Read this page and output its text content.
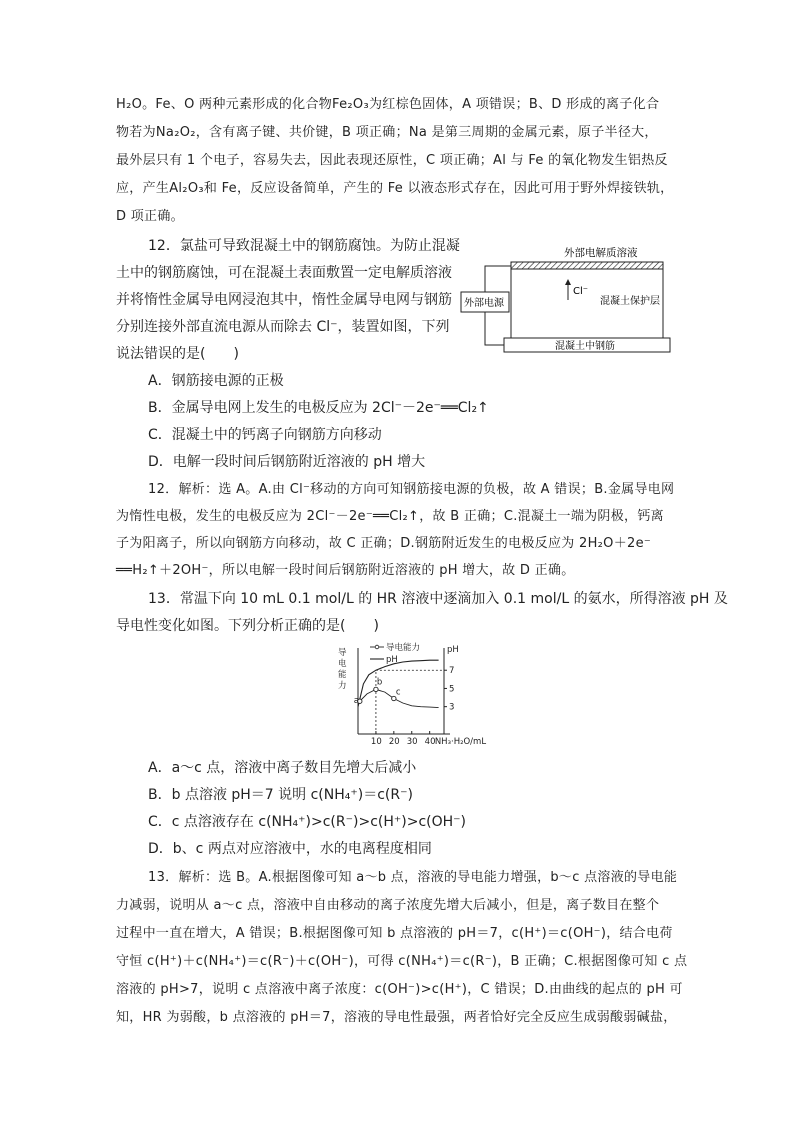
H₂O。Fe、O 两种元素形成的化合物Fe₂O₃为红棕色固体，A 项错误；B、D 形成的离子化合
物若为Na₂O₂，含有离子键、共价键，B 项正确；Na 是第三周期的金属元素，原子半径大，
最外层只有 1 个电子，容易失去，因此表现还原性，C 项正确；Al 与 Fe 的氧化物发生铝热反
应，产生Al₂O₃和 Fe，反应设备简单，产生的 Fe 以液态形式存在，因此可用于野外焊接铁轨，
D 项正确。
12．氯盐可导致混凝土中的钢筋腐蚀。为防止混凝
土中的钢筋腐蚀，可在混凝土表面敷置一定电解质溶液
并将惰性金属导电网浸泡其中，惰性金属导电网与钢筋
分别连接外部直流电源从而除去 Cl⁻，装置如图，下列
说法错误的是(　　)
外部电解质溶液
外部电源
Cl⁻
混凝土保护层
混凝土中钢筋
A．钢筋接电源的正极
B．金属导电网上发生的电极反应为 2Cl⁻－2e⁻══Cl₂↑
C．混凝土中的钙离子向钢筋方向移动
D．电解一段时间后钢筋附近溶液的 pH 增大
12．解析：选 A。A.由 Cl⁻移动的方向可知钢筋接电源的负极，故 A 错误；B.金属导电网
为惰性电极，发生的电极反应为 2Cl⁻－2e⁻══Cl₂↑，故 B 正确；C.混凝土一端为阴极，钙离
子为阳离子，所以向钢筋方向移动，故 C 正确；D.钢筋附近发生的电极反应为 2H₂O＋2e⁻
══H₂↑＋2OH⁻，所以电解一段时间后钢筋附近溶液的 pH 增大，故 D 正确。
13．常温下向 10 mL 0.1 mol/L 的 HR 溶液中逐滴加入 0.1 mol/L 的氨水，所得溶液 pH 及
导电性变化如图。下列分析正确的是(　　)
导
电
能
力
pH
3
5
7
10 20 30 40 NH₃·H₂O/mL
a
b
c
导电能力
pH
A．a～c 点，溶液中离子数目先增大后减小
B．b 点溶液 pH＝7 说明 c(NH₄⁺)＝c(R⁻)
C．c 点溶液存在 c(NH₄⁺)>c(R⁻)>c(H⁺)>c(OH⁻)
D．b、c 两点对应溶液中，水的电离程度相同
13．解析：选 B。A.根据图像可知 a～b 点，溶液的导电能力增强，b～c 点溶液的导电能
力减弱，说明从 a～c 点，溶液中自由移动的离子浓度先增大后减小，但是，离子数目在整个
过程中一直在增大，A 错误；B.根据图像可知 b 点溶液的 pH＝7，c(H⁺)＝c(OH⁻)，结合电荷
守恒 c(H⁺)＋c(NH₄⁺)＝c(R⁻)＋c(OH⁻)，可得 c(NH₄⁺)＝c(R⁻)，B 正确；C.根据图像可知 c 点
溶液的 pH>7，说明 c 点溶液中离子浓度：c(OH⁻)>c(H⁺)，C 错误；D.由曲线的起点的 pH 可
知，HR 为弱酸，b 点溶液的 pH＝7，溶液的导电性最强，两者恰好完全反应生成弱酸弱碱盐，
